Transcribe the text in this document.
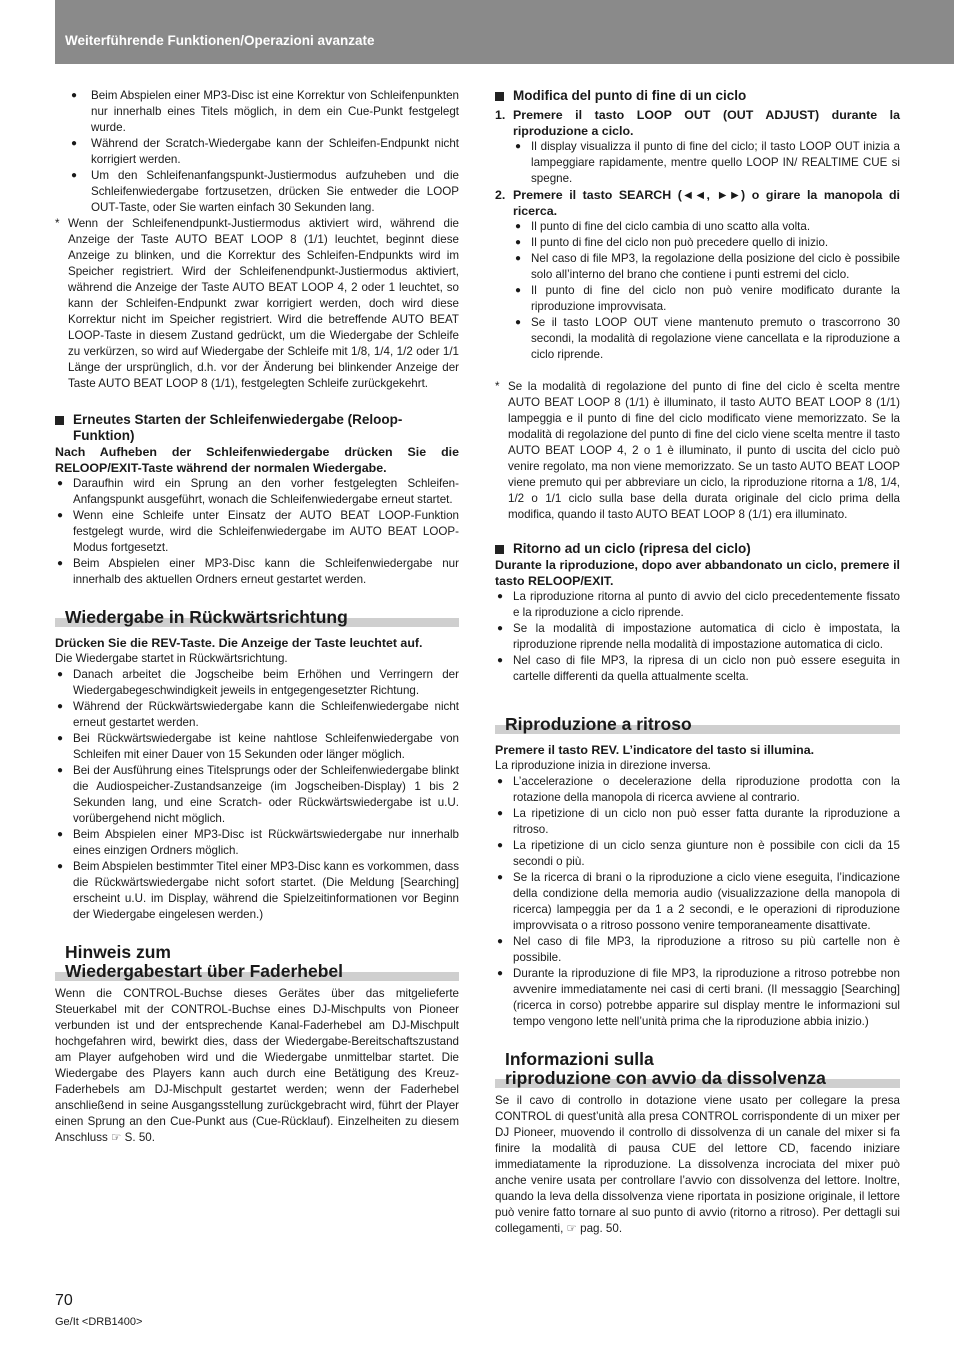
Weiterführende Funktionen/Operazioni avanzate

● Beim Abspielen einer MP3-Disc ist eine Korrektur von Schleifenpunkten nur innerhalb eines Titels möglich, in dem ein Cue-Punkt festgelegt wurde.

● Während der Scratch-Wiedergabe kann der Schleifen-Endpunkt nicht korrigiert werden.

● Um den Schleifenanfangspunkt-Justiermodus aufzuheben und die Schleifenwiedergabe fortzusetzen, drücken Sie entweder die LOOP OUT-Taste, oder Sie warten einfach 30 Sekunden lang.

* Wenn der Schleifenendpunkt-Justiermodus aktiviert wird, während die Anzeige der Taste AUTO BEAT LOOP 8 (1/1) leuchtet, beginnt diese Anzeige zu blinken, und die Korrektur des Schleifen-Endpunkts wird im Speicher registriert. Wird der Schleifenendpunkt-Justiermodus aktiviert, während die Anzeige der Taste AUTO BEAT LOOP 4, 2 oder 1 leuchtet, so kann der Schleifen-Endpunkt zwar korrigiert werden, doch wird diese Korrektur nicht im Speicher registriert. Wird die betreffende AUTO BEAT LOOP-Taste in diesem Zustand gedrückt, um die Wiedergabe der Schleife zu verkürzen, so wird auf Wiedergabe der Schleife mit 1/8, 1/4, 1/2 oder 1/1 Länge der ursprünglich, d.h. vor der Änderung bei blinkender Anzeige der Taste AUTO BEAT LOOP 8 (1/1), festgelegten Schleife zurückgekehrt.

Erneutes Starten der Schleifenwiedergabe (Reloop-Funktion)

Nach Aufheben der Schleifenwiedergabe drücken Sie die RELOOP/EXIT-Taste während der normalen Wiedergabe.

● Daraufhin wird ein Sprung an den vorher festgelegten Schleifen-Anfangspunkt ausgeführt, wonach die Schleifenwiedergabe erneut startet.

● Wenn eine Schleife unter Einsatz der AUTO BEAT LOOP-Funktion festgelegt wurde, wird die Schleifenwiedergabe im AUTO BEAT LOOP-Modus fortgesetzt.

● Beim Abspielen einer MP3-Disc kann die Schleifenwiedergabe nur innerhalb des aktuellen Ordners erneut gestartet werden.

Wiedergabe in Rückwärtsrichtung

Drücken Sie die REV-Taste. Die Anzeige der Taste leuchtet auf.

Die Wiedergabe startet in Rückwärtsrichtung.

● Danach arbeitet die Jogscheibe beim Erhöhen und Verringern der Wiedergabegeschwindigkeit jeweils in entgegengesetzter Richtung.

● Während der Rückwärtswiedergabe kann die Schleifenwiedergabe nicht erneut gestartet werden.

● Bei Rückwärtswiedergabe ist keine nahtlose Schleifenwiedergabe von Schleifen mit einer Dauer von 15 Sekunden oder länger möglich.

● Bei der Ausführung eines Titelsprungs oder der Schleifenwiedergabe blinkt die Audiospeicher-Zustandsanzeige (im Jogscheiben-Display) 1 bis 2 Sekunden lang, und eine Scratch- oder Rückwärtswiedergabe ist u.U. vorübergehend nicht möglich.

● Beim Abspielen einer MP3-Disc ist Rückwärtswiedergabe nur innerhalb eines einzigen Ordners möglich.

● Beim Abspielen bestimmter Titel einer MP3-Disc kann es vorkommen, dass die Rückwärtswiedergabe nicht sofort startet. (Die Meldung [Searching] erscheint u.U. im Display, während die Spielzeitinformationen vor Beginn der Wiedergabe eingelesen werden.)

Hinweis zum
Wiedergabestart über Faderhebel

Wenn die CONTROL-Buchse dieses Gerätes über das mitgelieferte Steuerkabel mit der CONTROL-Buchse eines DJ-Mischpults von Pioneer verbunden ist und der entsprechende Kanal-Faderhebel am DJ-Mischpult hochgefahren wird, bewirkt dies, dass der Wiedergabe-Bereitschaftszustand am Player aufgehoben wird und die Wiedergabe unmittelbar startet. Die Wiedergabe des Players kann auch durch eine Betätigung des Kreuz-Faderhebels am DJ-Mischpult gestartet werden; wenn der Faderhebel anschließend in seine Ausgangsstellung zurückgebracht wird, führt der Player einen Sprung an den Cue-Punkt aus (Cue-Rücklauf). Einzelheiten zu diesem Anschluss ☞ S. 50.

Modifica del punto di fine di un ciclo

1. Premere il tasto LOOP OUT (OUT ADJUST) durante la riproduzione a ciclo.

● Il display visualizza il punto di fine del ciclo; il tasto LOOP OUT inizia a lampeggiare rapidamente, mentre quello LOOP IN/ REALTIME CUE si spegne.

2. Premere il tasto SEARCH (◄◄, ►►) o girare la manopola di ricerca.

● Il punto di fine del ciclo cambia di uno scatto alla volta.

● Il punto di fine del ciclo non può precedere quello di inizio.

● Nel caso di file MP3, la regolazione della posizione del ciclo è possibile solo all’interno del brano che contiene i punti estremi del ciclo.

● Il punto di fine del ciclo non può venire modificato durante la riproduzione improvvisata.

● Se il tasto LOOP OUT viene mantenuto premuto o trascorrono 30 secondi, la modalità di regolazione viene cancellata e la riproduzione a ciclo riprende.

* Se la modalità di regolazione del punto di fine del ciclo è scelta mentre AUTO BEAT LOOP 8 (1/1) è illuminato, il tasto AUTO BEAT LOOP 8 (1/1) lampeggia e il punto di fine del ciclo modificato viene memorizzato. Se la modalità di regolazione del punto di fine del ciclo viene scelta mentre il tasto AUTO BEAT LOOP 4, 2 o 1 è illuminato, il punto di uscita del ciclo può venire regolato, ma non viene memorizzato. Se un tasto AUTO BEAT LOOP viene premuto qui per abbreviare un ciclo, la riproduzione ritorna a 1/8, 1/4, 1/2 o 1/1 ciclo sulla base della durata originale del ciclo prima della modifica, quando il tasto AUTO BEAT LOOP 8 (1/1) era illuminato.

Ritorno ad un ciclo (ripresa del ciclo)

Durante la riproduzione, dopo aver abbandonato un ciclo, premere il tasto RELOOP/EXIT.

● La riproduzione ritorna al punto di avvio del ciclo precedentemente fissato e la riproduzione a ciclo riprende.

● Se la modalità di impostazione automatica di ciclo è impostata, la riproduzione riprende nella modalità di impostazione automatica di ciclo.

● Nel caso di file MP3, la ripresa di un ciclo non può essere eseguita in cartelle differenti da quella attualmente scelta.

Riproduzione a ritroso

Premere il tasto REV. L’indicatore del tasto si illumina.

La riproduzione inizia in direzione inversa.

● L’accelerazione o decelerazione della riproduzione prodotta con la rotazione della manopola di ricerca avviene al contrario.

● La ripetizione di un ciclo non può esser fatta durante la riproduzione a ritroso.

● La ripetizione di un ciclo senza giunture non è possibile con cicli da 15 secondi o più.

● Se la ricerca di brani o la riproduzione a ciclo viene eseguita, l’indicazione della condizione della memoria audio (visualizzazione della manopola di ricerca) lampeggia per da 1 a 2 secondi, e le operazioni di riproduzione improvvisata o a ritroso possono venire temporaneamente disattivate.

● Nel caso di file MP3, la riproduzione a ritroso su più cartelle non è possibile.

● Durante la riproduzione di file MP3, la riproduzione a ritroso potrebbe non avvenire immediatamente nei casi di certi brani. (Il messaggio [Searching] (ricerca in corso) potrebbe apparire sul display mentre le informazioni sul tempo vengono lette nell’unità prima che la riproduzione abbia inizio.)

Informazioni sulla
riproduzione con avvio da dissolvenza

Se il cavo di controllo in dotazione viene usato per collegare la presa CONTROL di quest’unità alla presa CONTROL corrispondente di un mixer per DJ Pioneer, muovendo il controllo di dissolvenza di un canale del mixer si fa finire la modalità di pausa CUE del lettore CD, facendo iniziare immediatamente la riproduzione. La dissolvenza incrociata del mixer può anche venire usata per controllare l’avvio con dissolvenza del lettore. Inoltre, quando la leva della dissolvenza viene riportata in posizione originale, il lettore può venire fatto tornare al suo punto di avvio (ritorno a ritroso). Per dettagli sui collegamenti, ☞ pag. 50.

70
Ge/It <DRB1400>
